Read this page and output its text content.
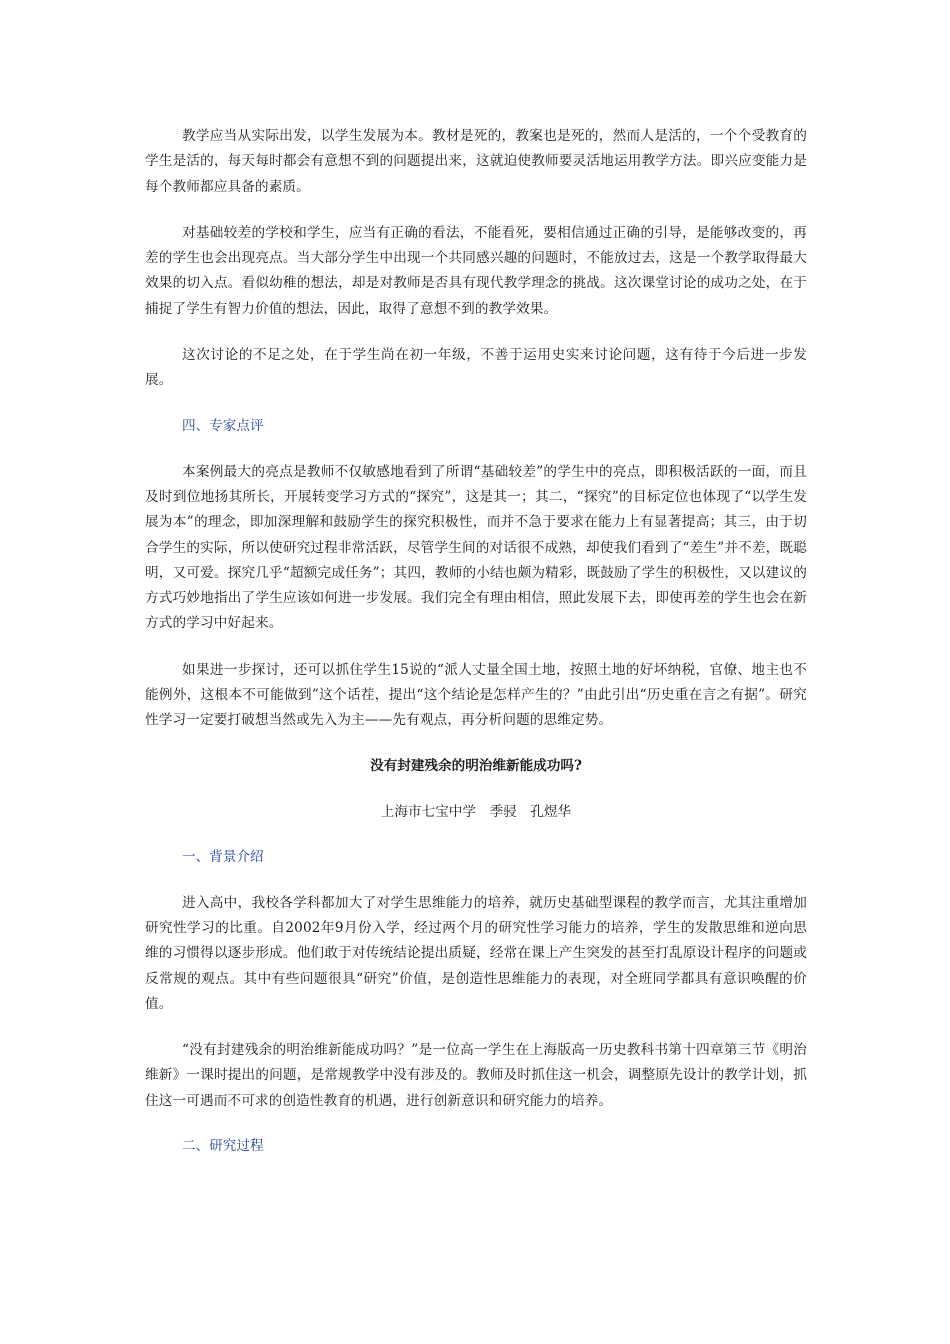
教学应当从实际出发，以学生发展为本。教材是死的，教案也是死的，然而人是活的，一个个受教育的学生是活的，每天每时都会有意想不到的问题提出来，这就迫使教师要灵活地运用教学方法。即兴应变能力是每个教师都应具备的素质。

对基础较差的学校和学生，应当有正确的看法，不能看死，要相信通过正确的引导，是能够改变的，再差的学生也会出现亮点。当大部分学生中出现一个共同感兴趣的问题时，不能放过去，这是一个教学取得最大效果的切入点。看似幼稚的想法，却是对教师是否具有现代教学理念的挑战。这次课堂讨论的成功之处，在于捕捉了学生有智力价值的想法，因此，取得了意想不到的教学效果。

这次讨论的不足之处，在于学生尚在初一年级，不善于运用史实来讨论问题，这有待于今后进一步发展。

四、专家点评

本案例最大的亮点是教师不仅敏感地看到了所谓“基础较差”的学生中的亮点，即积极活跃的一面，而且及时到位地扬其所长，开展转变学习方式的“探究”，这是其一；其二，“探究”的目标定位也体现了“以学生发展为本”的理念，即加深理解和鼓励学生的探究积极性，而并不急于要求在能力上有显著提高；其三，由于切合学生的实际，所以使研究过程非常活跃，尽管学生间的对话很不成熟，却使我们看到了“差生”并不差，既聪明，又可爱。探究几乎“超额完成任务”；其四，教师的小结也颇为精彩，既鼓励了学生的积极性，又以建议的方式巧妙地指出了学生应该如何进一步发展。我们完全有理由相信，照此发展下去，即使再差的学生也会在新方式的学习中好起来。

如果进一步探讨，还可以抓住学生15说的“派人丈量全国土地，按照土地的好坏纳税，官僚、地主也不能例外，这根本不可能做到”这个话茬，提出“这个结论是怎样产生的？”由此引出“历史重在言之有据”。研究性学习一定要打破想当然或先入为主——先有观点，再分析问题的思维定势。

没有封建残余的明治维新能成功吗?

上海市七宝中学　季骎　孔煜华

一、背景介绍

进入高中，我校各学科都加大了对学生思维能力的培养，就历史基础型课程的教学而言，尤其注重增加研究性学习的比重。自2002年9月份入学，经过两个月的研究性学习能力的培养，学生的发散思维和逆向思维的习惯得以逐步形成。他们敢于对传统结论提出质疑，经常在课上产生突发的甚至打乱原设计程序的问题或反常规的观点。其中有些问题很具“研究”价值，是创造性思维能力的表现，对全班同学都具有意识唤醒的价值。

“没有封建残余的明治维新能成功吗？”是一位高一学生在上海版高一历史教科书第十四章第三节《明治维新》一课时提出的问题，是常规教学中没有涉及的。教师及时抓住这一机会，调整原先设计的教学计划，抓住这一可遇而不可求的创造性教育的机遇，进行创新意识和研究能力的培养。

二、研究过程
